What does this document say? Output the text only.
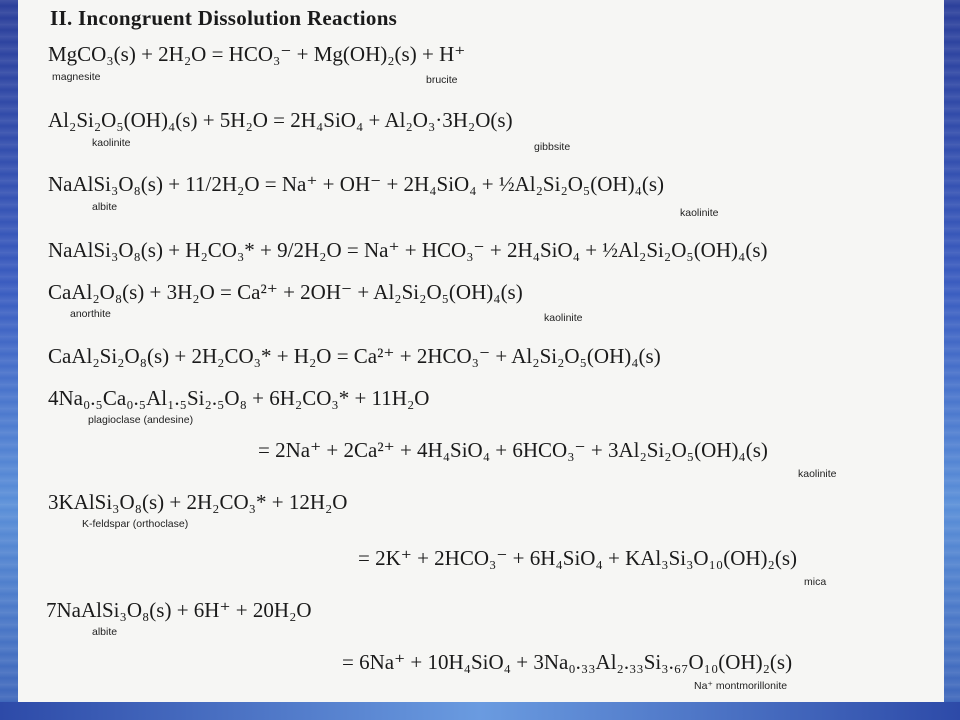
II. Incongruent Dissolution Reactions
MgCO₃(s) + 2H₂O = HCO₃⁻ + Mg(OH)₂(s) + H⁺
magnesite	brucite
Al₂Si₂O₅(OH)₄(s) + 5H₂O = 2H₄SiO₄ + Al₂O₃·3H₂O(s)
kaolinite	gibbsite
NaAlSi₃O₈(s) + 11/2H₂O = Na⁺ + OH⁻ + 2H₄SiO₄ + ½Al₂Si₂O₅(OH)₄(s)
albite	kaolinite
NaAlSi₃O₈(s) + H₂CO₃* + 9/2H₂O = Na⁺ + HCO₃⁻ + 2H₄SiO₄ + ½Al₂Si₂O₅(OH)₄(s)
CaAl₂O₈(s) + 3H₂O = Ca²⁺ + 2OH⁻ + Al₂Si₂O₅(OH)₄(s)
anorthite	kaolinite
CaAl₂Si₂O₈(s) + 2H₂CO₃* + H₂O = Ca²⁺ + 2HCO₃⁻ + Al₂Si₂O₅(OH)₄(s)
4Na₀.₅Ca₀.₅Al₁.₅Si₂.₅O₈ + 6H₂CO₃* + 11H₂O
plagioclase (andesine)
= 2Na⁺ + 2Ca²⁺ + 4H₄SiO₄ + 6HCO₃⁻ + 3Al₂Si₂O₅(OH)₄(s)
kaolinite
3KAlSi₃O₈(s) + 2H₂CO₃* + 12H₂O
K-feldspar (orthoclase)
= 2K⁺ + 2HCO₃⁻ + 6H₄SiO₄ + KAl₃Si₃O₁₀(OH)₂(s)
mica
7NaAlSi₃O₈(s) + 6H⁺ + 20H₂O
albite
= 6Na⁺ + 10H₄SiO₄ + 3Na₀.₃₃Al₂.₃₃Si₃.₆₇O₁₀(OH)₂(s)
Na⁺ montmorillonite
